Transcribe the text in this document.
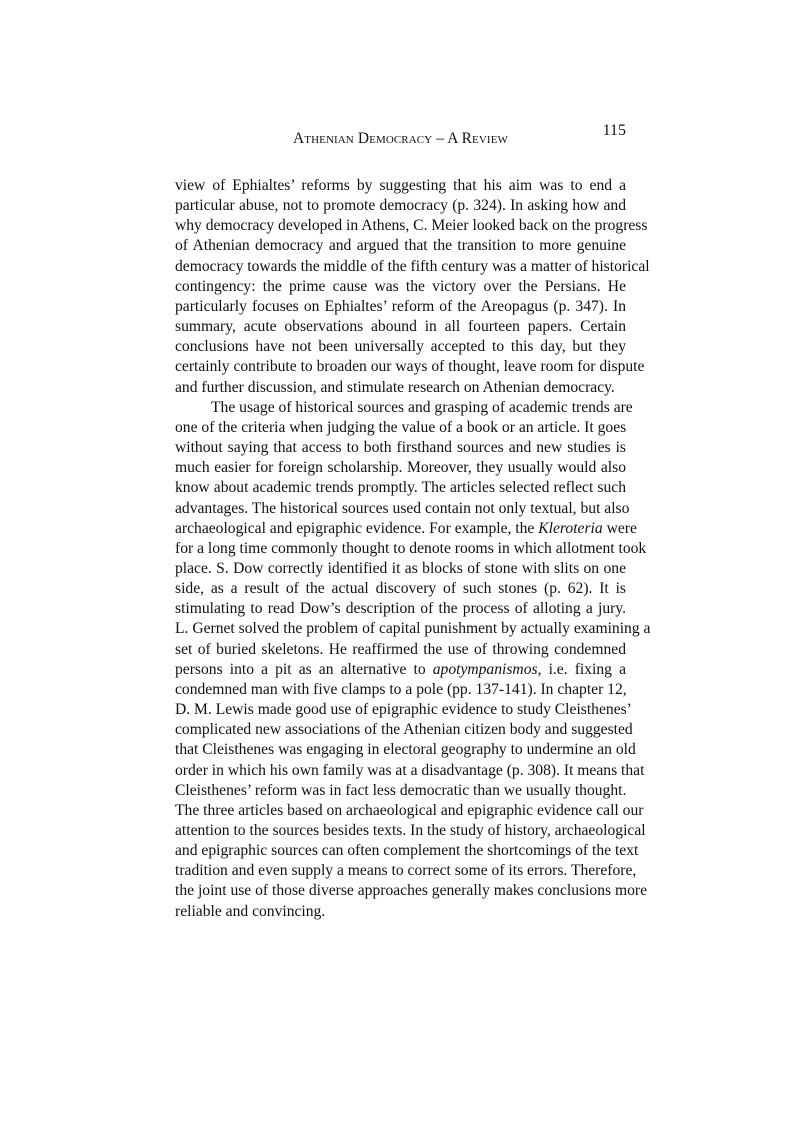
Athenian Democracy – A Review	115
view of Ephialtes’ reforms by suggesting that his aim was to end a
particular abuse, not to promote democracy (p. 324). In asking how and
why democracy developed in Athens, C. Meier looked back on the progress
of Athenian democracy and argued that the transition to more genuine
democracy towards the middle of the fifth century was a matter of historical
contingency: the prime cause was the victory over the Persians. He
particularly focuses on Ephialtes’ reform of the Areopagus (p. 347). In
summary, acute observations abound in all fourteen papers. Certain
conclusions have not been universally accepted to this day, but they
certainly contribute to broaden our ways of thought, leave room for dispute
and further discussion, and stimulate research on Athenian democracy.
The usage of historical sources and grasping of academic trends are
one of the criteria when judging the value of a book or an article. It goes
without saying that access to both firsthand sources and new studies is
much easier for foreign scholarship. Moreover, they usually would also
know about academic trends promptly. The articles selected reflect such
advantages. The historical sources used contain not only textual, but also
archaeological and epigraphic evidence. For example, the Kleroteria were
for a long time commonly thought to denote rooms in which allotment took
place. S. Dow correctly identified it as blocks of stone with slits on one
side, as a result of the actual discovery of such stones (p. 62). It is
stimulating to read Dow’s description of the process of alloting a jury.
L. Gernet solved the problem of capital punishment by actually examining a
set of buried skeletons. He reaffirmed the use of throwing condemned
persons into a pit as an alternative to apotympanismos, i.e. fixing a
condemned man with five clamps to a pole (pp. 137-141). In chapter 12,
D. M. Lewis made good use of epigraphic evidence to study Cleisthenes’
complicated new associations of the Athenian citizen body and suggested
that Cleisthenes was engaging in electoral geography to undermine an old
order in which his own family was at a disadvantage (p. 308). It means that
Cleisthenes’ reform was in fact less democratic than we usually thought.
The three articles based on archaeological and epigraphic evidence call our
attention to the sources besides texts. In the study of history, archaeological
and epigraphic sources can often complement the shortcomings of the text
tradition and even supply a means to correct some of its errors. Therefore,
the joint use of those diverse approaches generally makes conclusions more
reliable and convincing.
